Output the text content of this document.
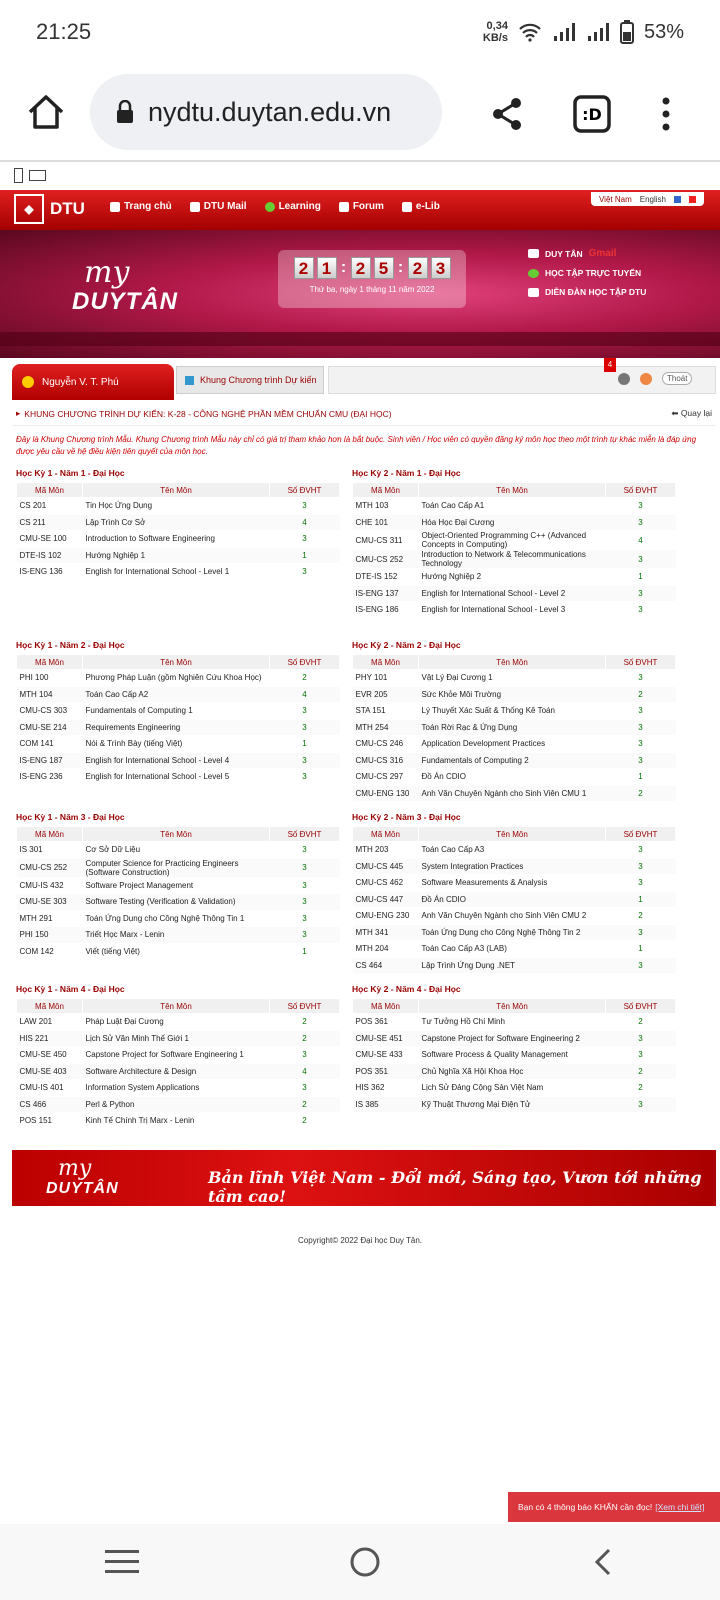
21:25	0,34
KB/s	53%
nydtu.duytan.edu.vn	:D
◆ DTU	Trang chủ	DTU Mail	Learning	Forum	e-Lib
Việt Nam English
my
DUYTÂN
2 1 : 2 5 : 2 3
Thứ ba, ngày 1 tháng 11 năm 2022
DUY TÂN Gmail
HỌC TẬP TRỰC TUYẾN
DIỄN ĐÀN HỌC TẬP DTU
Nguyễn V. T. Phú	Khung Chương trình Dự kiến
4
Thoát
▸ KHUNG CHƯƠNG TRÌNH DỰ KIẾN: K-28 - CÔNG NGHỆ PHẦN MỀM CHUẨN CMU (ĐẠI HỌC)	⬅ Quay lại
Đây là Khung Chương trình Mẫu. Khung Chương trình Mẫu này chỉ có giá trị tham khảo hơn là bắt buộc. Sinh viên / Học viên có quyền đăng ký môn học theo một trình tự khác miễn là đáp ứng được yêu cầu về hệ điều kiện tiên quyết của môn học.
Học Kỳ 1 - Năm 1 - Đại Học
Mã Môn	Tên Môn	Số ĐVHT
CS 201	Tin Học Ứng Dụng	3
CS 211	Lập Trình Cơ Sở	4
CMU-SE 100	Introduction to Software Engineering	3
DTE-IS 102	Hướng Nghiệp 1	1
IS-ENG 136	English for International School - Level 1	3
Học Kỳ 2 - Năm 1 - Đại Học
Mã Môn	Tên Môn	Số ĐVHT
MTH 103	Toán Cao Cấp A1	3
CHE 101	Hóa Học Đại Cương	3
CMU-CS 311	Object-Oriented Programming C++ (Advanced Concepts in Computing)	4
CMU-CS 252	Introduction to Network & Telecommunications Technology	3
DTE-IS 152	Hướng Nghiệp 2	1
IS-ENG 137	English for International School - Level 2	3
IS-ENG 186	English for International School - Level 3	3
Học Kỳ 1 - Năm 2 - Đại Học
Mã Môn	Tên Môn	Số ĐVHT
PHI 100	Phương Pháp Luận (gồm Nghiên Cứu Khoa Học)	2
MTH 104	Toán Cao Cấp A2	4
CMU-CS 303	Fundamentals of Computing 1	3
CMU-SE 214	Requirements Engineering	3
COM 141	Nói & Trình Bày (tiếng Việt)	1
IS-ENG 187	English for International School - Level 4	3
IS-ENG 236	English for International School - Level 5	3
Học Kỳ 2 - Năm 2 - Đại Học
Mã Môn	Tên Môn	Số ĐVHT
PHY 101	Vật Lý Đại Cương 1	3
EVR 205	Sức Khỏe Môi Trường	2
STA 151	Lý Thuyết Xác Suất & Thống Kê Toán	3
MTH 254	Toán Rời Rạc & Ứng Dụng	3
CMU-CS 246	Application Development Practices	3
CMU-CS 316	Fundamentals of Computing 2	3
CMU-CS 297	Đồ Án CDIO	1
CMU-ENG 130	Anh Văn Chuyên Ngành cho Sinh Viên CMU 1	2
Học Kỳ 1 - Năm 3 - Đại Học
Mã Môn	Tên Môn	Số ĐVHT
IS 301	Cơ Sở Dữ Liệu	3
CMU-CS 252	Computer Science for Practicing Engineers (Software Construction)	3
CMU-IS 432	Software Project Management	3
CMU-SE 303	Software Testing (Verification & Validation)	3
MTH 291	Toán Ứng Dụng cho Công Nghệ Thông Tin 1	3
PHI 150	Triết Học Marx - Lenin	3
COM 142	Viết (tiếng Việt)	1
Học Kỳ 2 - Năm 3 - Đại Học
Mã Môn	Tên Môn	Số ĐVHT
MTH 203	Toán Cao Cấp A3	3
CMU-CS 445	System Integration Practices	3
CMU-CS 462	Software Measurements & Analysis	3
CMU-CS 447	Đồ Án CDIO	1
CMU-ENG 230	Anh Văn Chuyên Ngành cho Sinh Viên CMU 2	2
MTH 341	Toán Ứng Dụng cho Công Nghệ Thông Tin 2	3
MTH 204	Toán Cao Cấp A3 (LAB)	1
CS 464	Lập Trình Ứng Dụng .NET	3
Học Kỳ 1 - Năm 4 - Đại Học
Mã Môn	Tên Môn	Số ĐVHT
LAW 201	Pháp Luật Đại Cương	2
HIS 221	Lịch Sử Văn Minh Thế Giới 1	2
CMU-SE 450	Capstone Project for Software Engineering 1	3
CMU-SE 403	Software Architecture & Design	4
CMU-IS 401	Information System Applications	3
CS 466	Perl & Python	2
POS 151	Kinh Tế Chính Trị Marx - Lenin	2
Học Kỳ 2 - Năm 4 - Đại Học
Mã Môn	Tên Môn	Số ĐVHT
POS 361	Tư Tưởng Hồ Chí Minh	2
CMU-SE 451	Capstone Project for Software Engineering 2	3
CMU-SE 433	Software Process & Quality Management	3
POS 351	Chủ Nghĩa Xã Hội Khoa Học	2
HIS 362	Lịch Sử Đảng Cộng Sản Việt Nam	2
IS 385	Kỹ Thuật Thương Mại Điện Tử	3
my
DUYTÂN
Bản lĩnh Việt Nam - Đổi mới, Sáng tạo, Vươn tới những tầm cao!
Copyright© 2022 Đại học Duy Tân.
Bạn có 4 thông báo KHẨN cần đọc! [Xem chi tiết]
